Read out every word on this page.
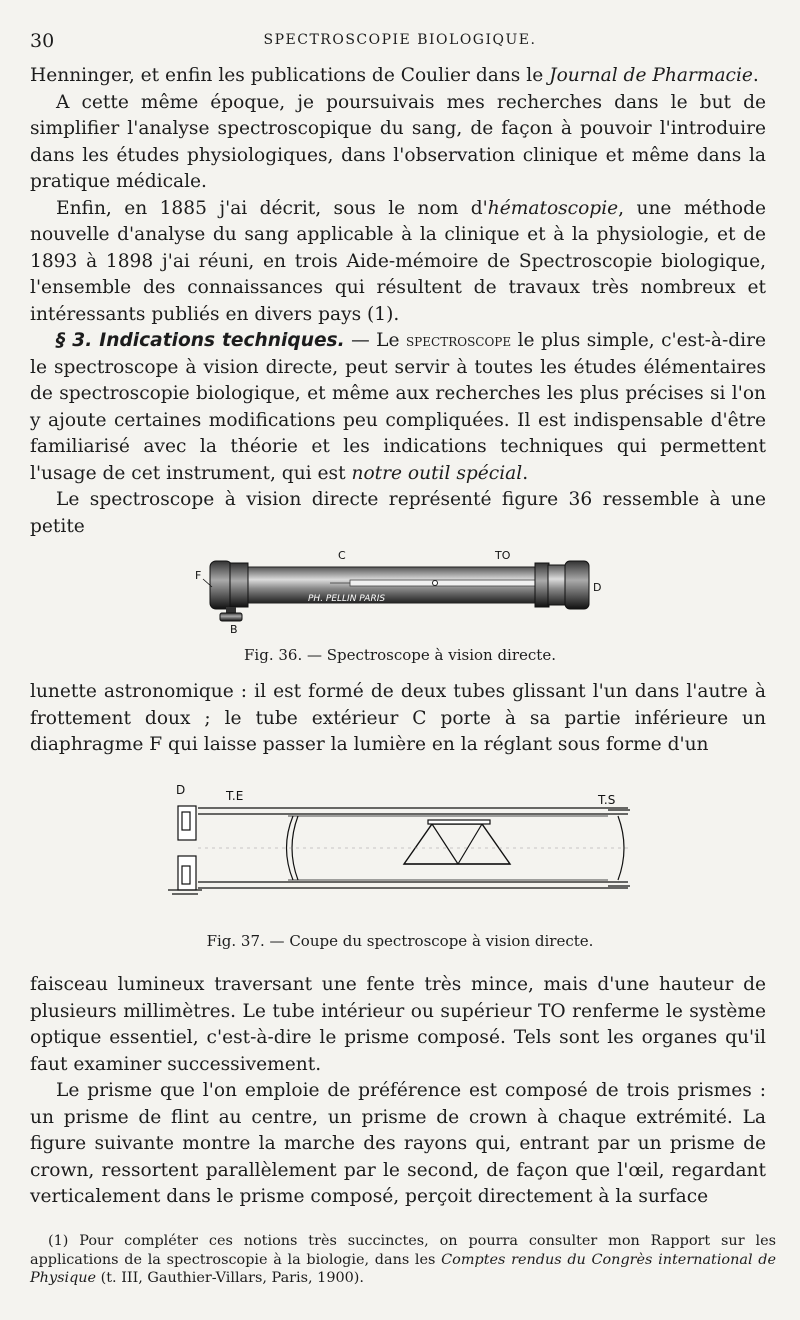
30	SPECTROSCOPIE BIOLOGIQUE.

Henninger, et enfin les publications de Coulier dans le Journal de Pharmacie.

A cette même époque, je poursuivais mes recherches dans le but de simplifier l'analyse spectroscopique du sang, de façon à pouvoir l'introduire dans les études physiologiques, dans l'observation clinique et même dans la pratique médicale.

Enfin, en 1885 j'ai décrit, sous le nom d'hématoscopie, une méthode nouvelle d'analyse du sang applicable à la clinique et à la physiologie, et de 1893 à 1898 j'ai réuni, en trois Aide-mémoire de Spectroscopie biologique, l'ensemble des connaissances qui résultent de travaux très nombreux et intéressants publiés en divers pays (1).

§ 3. Indications techniques. — Le spectroscope le plus simple, c'est-à-dire le spectroscope à vision directe, peut servir à toutes les études élémentaires de spectroscopie biologique, et même aux recherches les plus précises si l'on y ajoute certaines modifications peu compliquées. Il est indispensable d'être familiarisé avec la théorie et les indications techniques qui permettent l'usage de cet instrument, qui est notre outil spécial.

Le spectroscope à vision directe représenté figure 36 ressemble à une petite

PH. PELLIN PARIS
C	TO
F
B
D
Fig. 36. — Spectroscope à vision directe.

lunette astronomique : il est formé de deux tubes glissant l'un dans l'autre à frottement doux ; le tube extérieur C porte à sa partie inférieure un diaphragme F qui laisse passer la lumière en la réglant sous forme d'un

D	T.E	T.S
Fig. 37. — Coupe du spectroscope à vision directe.

faisceau lumineux traversant une fente très mince, mais d'une hauteur de plusieurs millimètres. Le tube intérieur ou supérieur TO renferme le système optique essentiel, c'est-à-dire le prisme composé. Tels sont les organes qu'il faut examiner successivement.

Le prisme que l'on emploie de préférence est composé de trois prismes : un prisme de flint au centre, un prisme de crown à chaque extrémité. La figure suivante montre la marche des rayons qui, entrant par un prisme de crown, ressortent parallèlement par le second, de façon que l'œil, regardant verticalement dans le prisme composé, perçoit directement à la surface

(1) Pour compléter ces notions très succinctes, on pourra consulter mon Rapport sur les applications de la spectroscopie à la biologie, dans les Comptes rendus du Congrès international de Physique (t. III, Gauthier-Villars, Paris, 1900).
